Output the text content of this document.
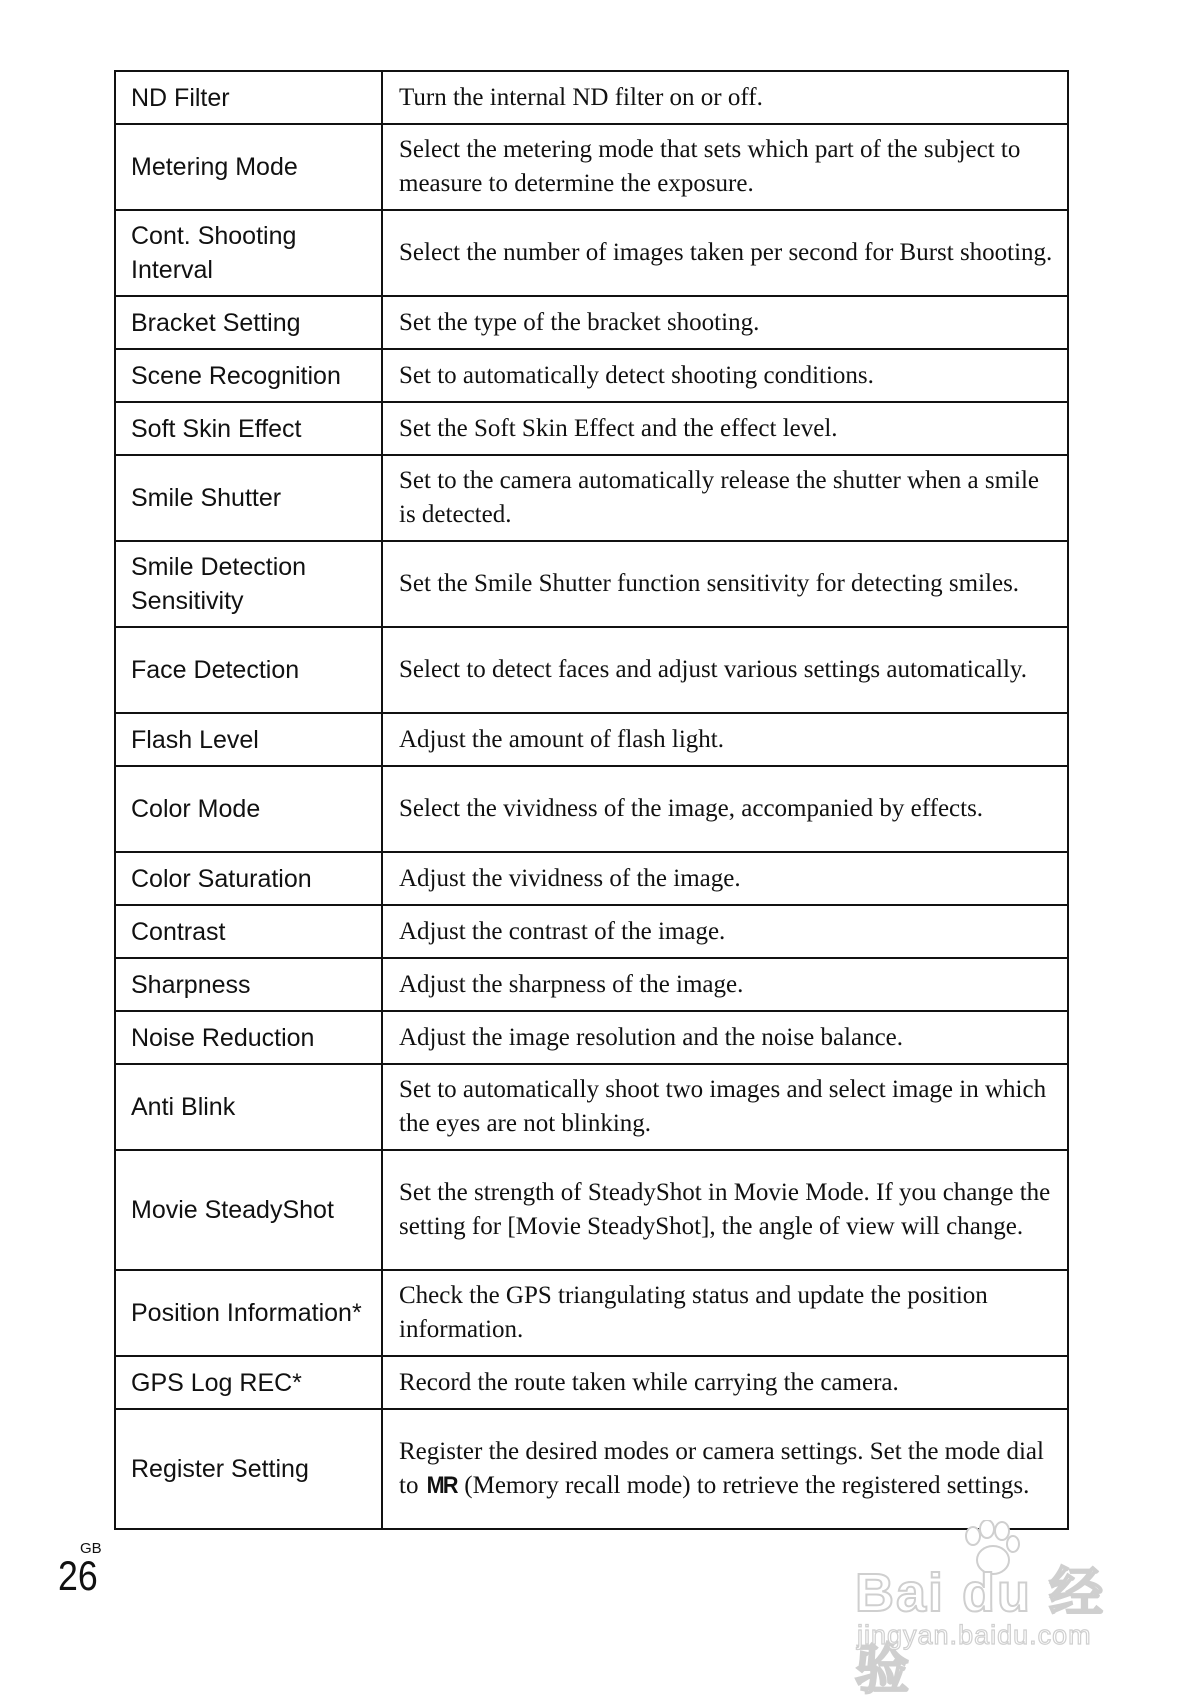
ND Filter	Turn the internal ND filter on or off.
Metering Mode	Select the metering mode that sets which part of the subject to measure to determine the exposure.
Cont. Shooting Interval	Select the number of images taken per second for Burst shooting.
Bracket Setting	Set the type of the bracket shooting.
Scene Recognition	Set to automatically detect shooting conditions.
Soft Skin Effect	Set the Soft Skin Effect and the effect level.
Smile Shutter	Set to the camera automatically release the shutter when a smile is detected.
Smile Detection Sensitivity	Set the Smile Shutter function sensitivity for detecting smiles.
Face Detection	Select to detect faces and adjust various settings automatically.
Flash Level	Adjust the amount of flash light.
Color Mode	Select the vividness of the image, accompanied by effects.
Color Saturation	Adjust the vividness of the image.
Contrast	Adjust the contrast of the image.
Sharpness	Adjust the sharpness of the image.
Noise Reduction	Adjust the image resolution and the noise balance.
Anti Blink	Set to automatically shoot two images and select image in which the eyes are not blinking.
Movie SteadyShot	Set the strength of SteadyShot in Movie Mode. If you change the setting for [Movie SteadyShot], the angle of view will change.
Position Information*	Check the GPS triangulating status and update the position information.
GPS Log REC*	Record the route taken while carrying the camera.
Register Setting	Register the desired modes or camera settings. Set the mode dial to MR (Memory recall mode) to retrieve the registered settings.
GB
26	Bai du 经验
jingyan.baidu.com
